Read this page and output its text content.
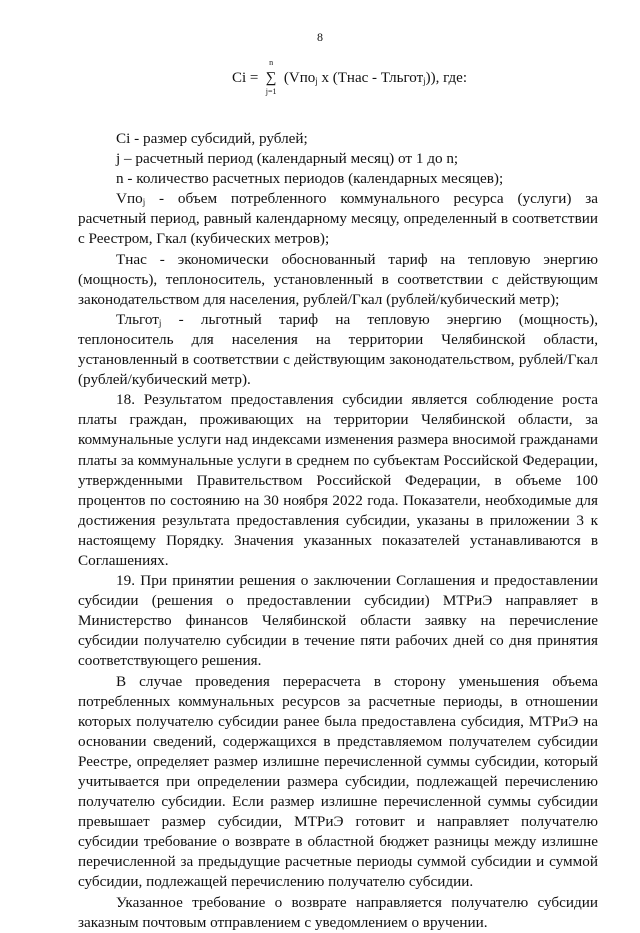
8
Ci =
n
∑
j=1
(Vпо$_j$ x (Тнас - Тльгот$_j$)), где:

Ci - размер субсидий, рублей;

j – расчетный период (календарный месяц) от 1 до n;

n - количество расчетных периодов (календарных месяцев);

Vпо$_j$ - объем потребленного коммунального ресурса (услуги) за расчетный период, равный календарному месяцу, определенный в соответствии с Реестром, Гкал (кубических метров);

Тнас - экономически обоснованный тариф на тепловую энергию (мощность), теплоноситель, установленный в соответствии с действующим законодательством для населения, рублей/Гкал (рублей/кубический метр);

Тльгот$_j$ - льготный тариф на тепловую энергию (мощность), теплоноситель для населения на территории Челябинской области, установленный в соответствии с действующим законодательством, рублей/Гкал (рублей/кубический метр).

18. Результатом предоставления субсидии является соблюдение роста платы граждан, проживающих на территории Челябинской области, за коммунальные услуги над индексами изменения размера вносимой гражданами платы за коммунальные услуги в среднем по субъектам Российской Федерации, утвержденными Правительством Российской Федерации, в объеме 100 процентов по состоянию на 30 ноября 2022 года. Показатели, необходимые для достижения результата предоставления субсидии, указаны в приложении 3 к настоящему Порядку. Значения указанных показателей устанавливаются в Соглашениях.

19. При принятии решения о заключении Соглашения и предоставлении субсидии (решения о предоставлении субсидии) МТРиЭ направляет в Министерство финансов Челябинской области заявку на перечисление субсидии получателю субсидии в течение пяти рабочих дней со дня принятия соответствующего решения.

В случае проведения перерасчета в сторону уменьшения объема потребленных коммунальных ресурсов за расчетные периоды, в отношении которых получателю субсидии ранее была предоставлена субсидия, МТРиЭ на основании сведений, содержащихся в представляемом получателем субсидии Реестре, определяет размер излишне перечисленной суммы субсидии, который учитывается при определении размера субсидии, подлежащей перечислению получателю субсидии. Если размер излишне перечисленной суммы субсидии превышает размер субсидии, МТРиЭ готовит и направляет получателю субсидии требование о возврате в областной бюджет разницы между излишне перечисленной за предыдущие расчетные периоды суммой субсидии и суммой субсидии, подлежащей перечислению получателю субсидии.

Указанное требование о возврате направляется получателю субсидии заказным почтовым отправлением с уведомлением о вручении.
